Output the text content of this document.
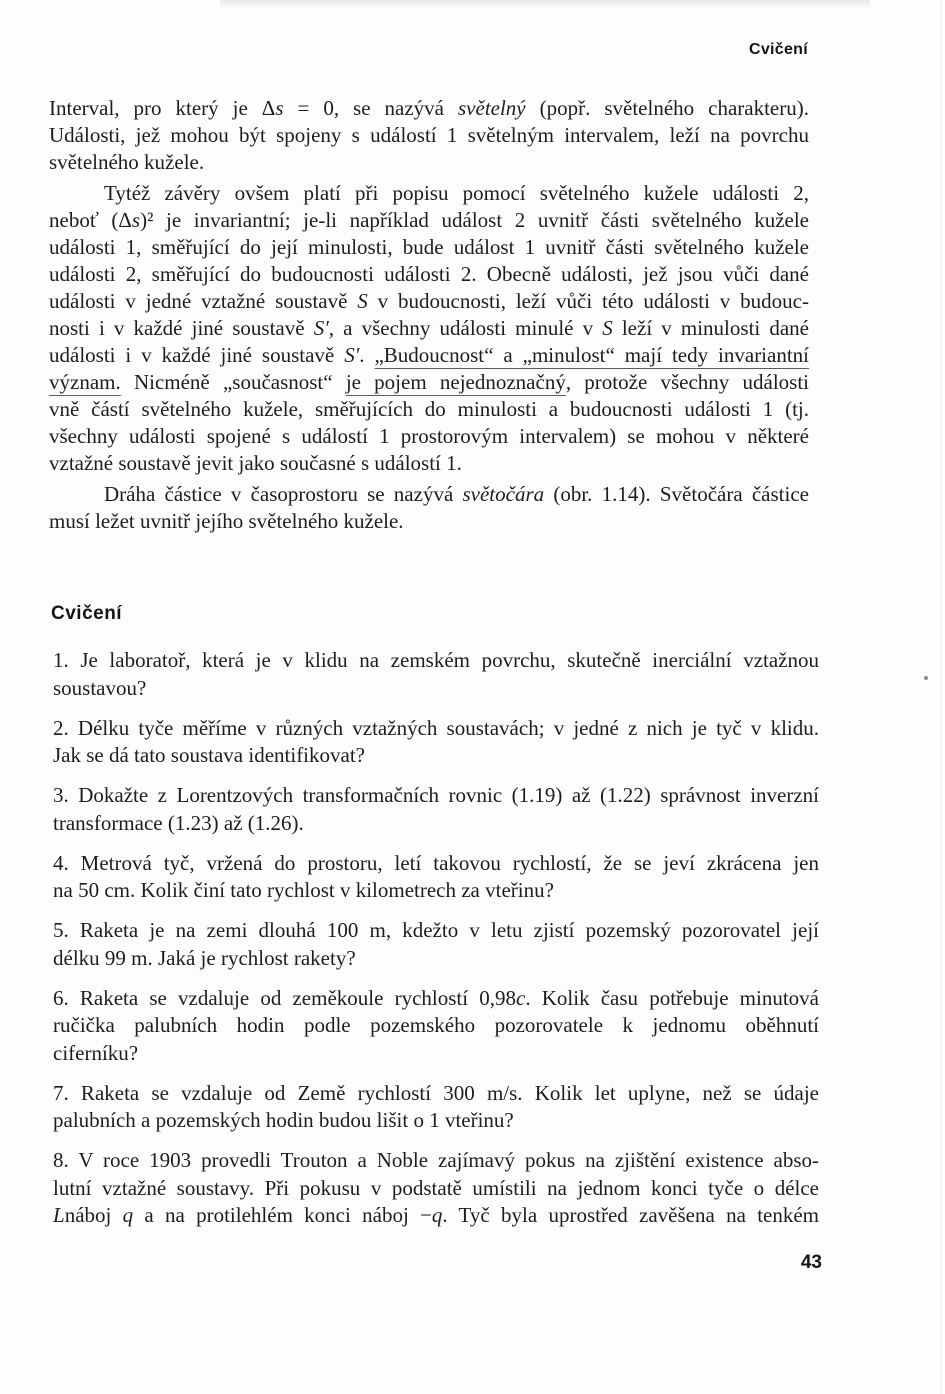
Cvičení
Interval, pro který je Δs = 0, se nazývá světelný (popř. světelného charakteru).
Události, jež mohou být spojeny s událostí 1 světelným intervalem, leží na povrchu
světelného kužele.
Tytéž závěry ovšem platí při popisu pomocí světelného kužele události 2,
neboť (Δs)² je invariantní; je-li například událost 2 uvnitř části světelného kužele
události 1, směřující do její minulosti, bude událost 1 uvnitř části světelného kužele
události 2, směřující do budoucnosti události 2. Obecně události, jež jsou vůči dané
události v jedné vztažné soustavě S v budoucnosti, leží vůči této události v budouc-
nosti i v každé jiné soustavě S′, a všechny události minulé v S leží v minulosti dané
události i v každé jiné soustavě S′. „Budoucnost“ a „minulost“ mají tedy invariantní
význam. Nicméně „současnost“ je pojem nejednoznačný, protože všechny události
vně částí světelného kužele, směřujících do minulosti a budoucnosti události 1 (tj.
všechny události spojené s událostí 1 prostorovým intervalem) se mohou v některé
vztažné soustavě jevit jako současné s událostí 1.
Dráha částice v časoprostoru se nazývá světočára (obr. 1.14). Světočára částice
musí ležet uvnitř jejího světelného kužele.
Cvičení
1. Je laboratoř, která je v klidu na zemském povrchu, skutečně inerciální vztažnou
soustavou?
2. Délku tyče měříme v různých vztažných soustavách; v jedné z nich je tyč v klidu.
Jak se dá tato soustava identifikovat?
3. Dokažte z Lorentzových transformačních rovnic (1.19) až (1.22) správnost inverzní
transformace (1.23) až (1.26).
4. Metrová tyč, vržená do prostoru, letí takovou rychlostí, že se jeví zkrácena jen
na 50 cm. Kolik činí tato rychlost v kilometrech za vteřinu?
5. Raketa je na zemi dlouhá 100 m, kdežto v letu zjistí pozemský pozorovatel její
délku 99 m. Jaká je rychlost rakety?
6. Raketa se vzdaluje od zeměkoule rychlostí 0,98c. Kolik času potřebuje minutová
ručička palubních hodin podle pozemského pozorovatele k jednomu oběhnutí
ciferníku?
7. Raketa se vzdaluje od Země rychlostí 300 m/s. Kolik let uplyne, než se údaje
palubních a pozemských hodin budou lišit o 1 vteřinu?
8. V roce 1903 provedli Trouton a Noble zajímavý pokus na zjištění existence abso-
lutní vztažné soustavy. Při pokusu v podstatě umístili na jednom konci tyče o délce
Lnáboj q a na protilehlém konci náboj −q. Tyč byla uprostřed zavěšena na tenkém
43
